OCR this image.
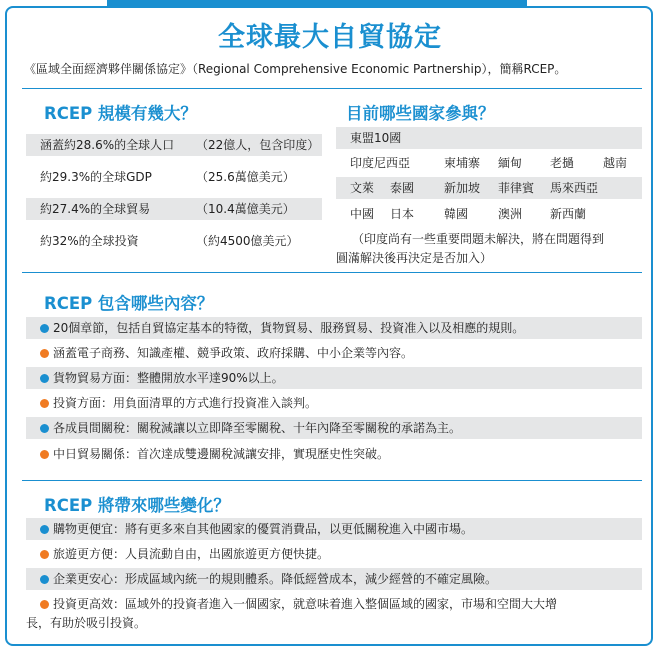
全球最大自貿協定
《區域全面經濟夥伴關係協定》（Regional Comprehensive Economic Partnership），簡稱RCEP。
RCEP 規模有幾大？
涵蓋約28.6%的全球人口 （22億人，包含印度）
約29.3%的全球GDP	（25.6萬億美元）
約27.4%的全球貿易	（10.4萬億美元）
約32%的全球投資	（約4500億美元）
目前哪些國家參與？
東盟10國
印度尼西亞	柬埔寨 緬甸 老撾 越南
文萊 泰國 新加坡 菲律賓 馬來西亞
中國 日本 韓國 澳洲 新西蘭
（印度尚有一些重要問題未解決，將在問題得到
圓滿解決後再決定是否加入）
RCEP 包含哪些內容？
20個章節，包括自貿協定基本的特徵，貨物貿易、服務貿易、投資准入以及相應的規則。
涵蓋電子商務、知識產權、競爭政策、政府採購、中小企業等內容。
貨物貿易方面：整體開放水平達90%以上。
投資方面：用負面清單的方式進行投資准入談判。
各成員間關稅：關稅減讓以立即降至零關稅、十年內降至零關稅的承諾為主。
中日貿易關係：首次達成雙邊關稅減讓安排，實現歷史性突破。
RCEP 將帶來哪些變化？
購物更便宜：將有更多來自其他國家的優質消費品，以更低關稅進入中國市場。
旅遊更方便：人員流動自由，出國旅遊更方便快捷。
企業更安心：形成區域內統一的規則體系。降低經營成本，減少經營的不確定風險。
投資更高效：區域外的投資者進入一個國家，就意味着進入整個區域的國家，市場和空間大大增
長，有助於吸引投資。
